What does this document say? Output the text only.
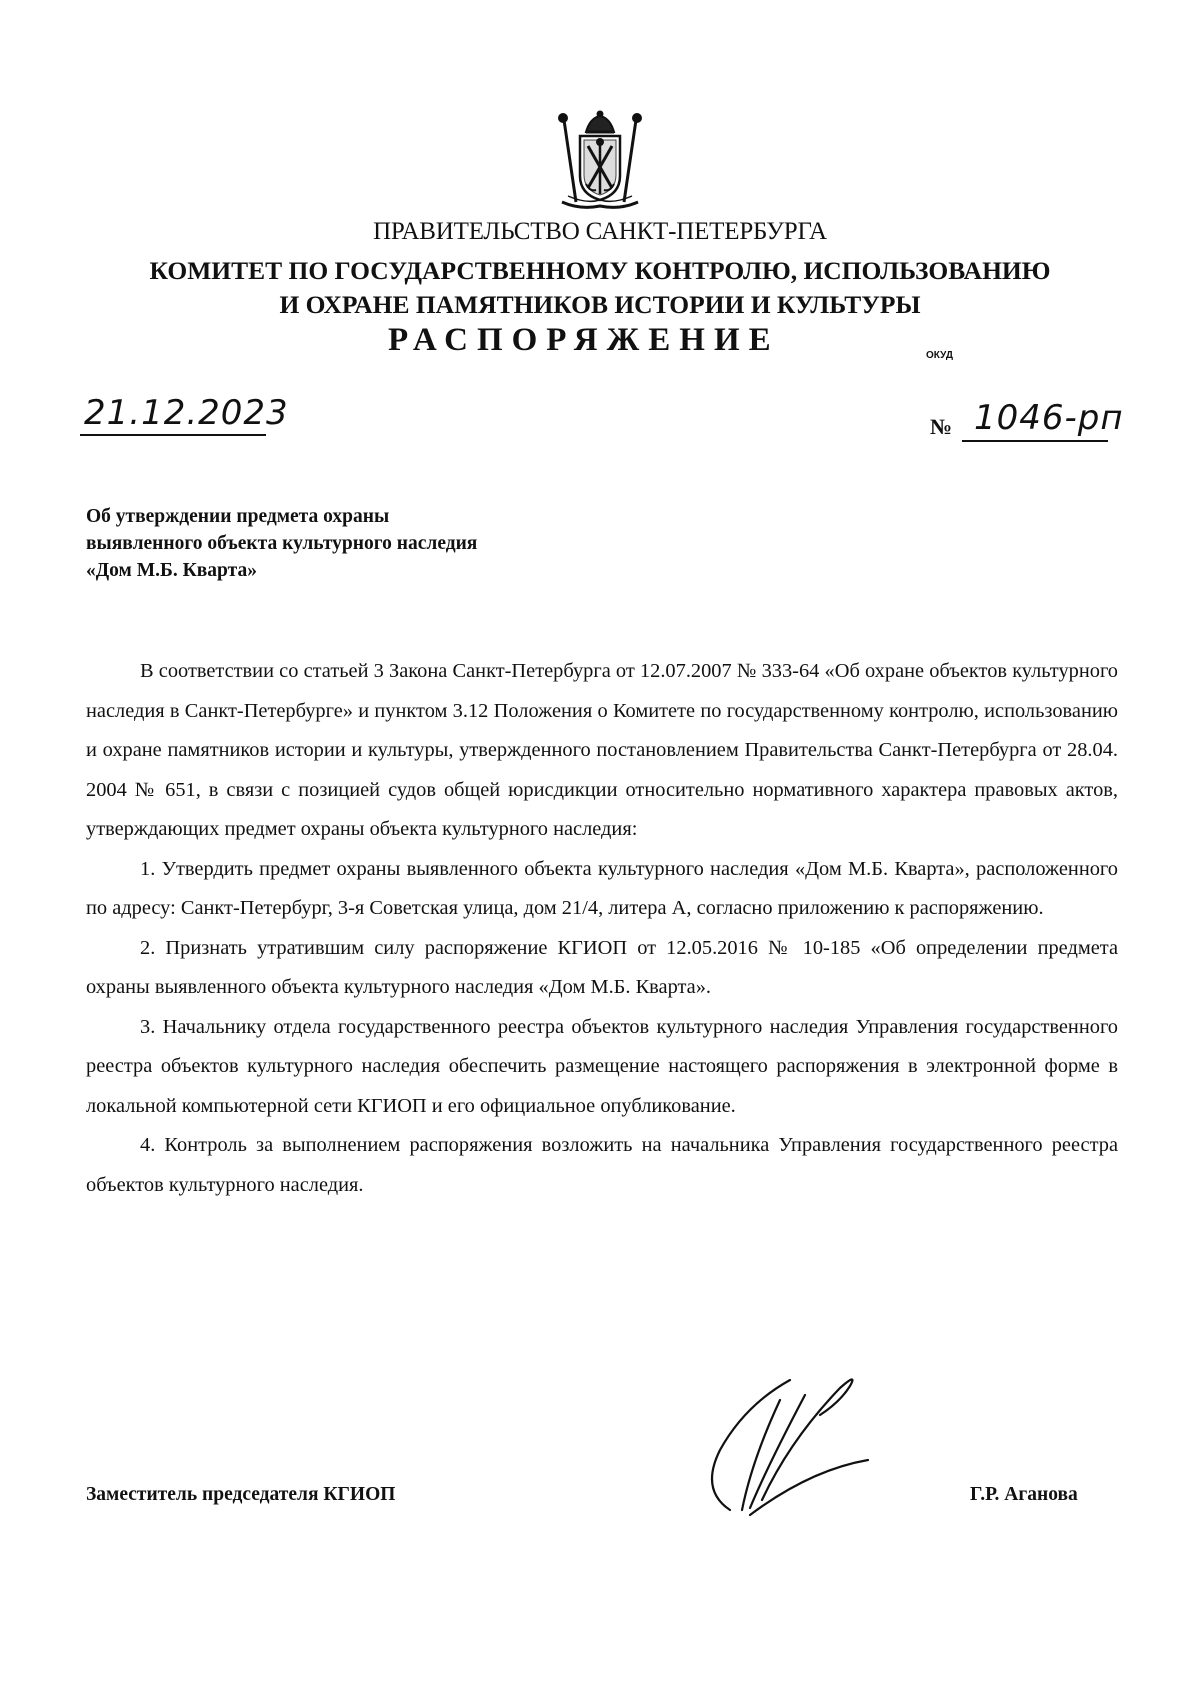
ПРАВИТЕЛЬСТВО САНКТ-ПЕТЕРБУРГА
КОМИТЕТ ПО ГОСУДАРСТВЕННОМУ КОНТРОЛЮ, ИСПОЛЬЗОВАНИЮ
И ОХРАНЕ ПАМЯТНИКОВ ИСТОРИИ И КУЛЬТУРЫ
РАСПОРЯЖЕНИЕ	ОКУД
21.12.2023	№ 1046-рп
Об утверждении предмета охраны
выявленного объекта культурного наследия
«Дом М.Б. Кварта»

В соответствии со статьей 3 Закона Санкт-Петербурга от 12.07.2007 № 333-64 «Об охране объектов культурного наследия в Санкт-Петербурге» и пунктом 3.12 Положения о Комитете по государственному контролю, использованию и охране памятников истории и культуры, утвержденного постановлением Правительства Санкт-Петербурга от 28.04. 2004 № 651, в связи с позицией судов общей юрисдикции относительно нормативного характера правовых актов, утверждающих предмет охраны объекта культурного наследия:

1. Утвердить предмет охраны выявленного объекта культурного наследия «Дом М.Б. Кварта», расположенного по адресу: Санкт-Петербург, 3-я Советская улица, дом 21/4, литера А, согласно приложению к распоряжению.

2. Признать утратившим силу распоряжение КГИОП от 12.05.2016 № 10-185 «Об определении предмета охраны выявленного объекта культурного наследия «Дом М.Б. Кварта».

3. Начальнику отдела государственного реестра объектов культурного наследия Управления государственного реестра объектов культурного наследия обеспечить размещение настоящего распоряжения в электронной форме в локальной компьютерной сети КГИОП и его официальное опубликование.

4. Контроль за выполнением распоряжения возложить на начальника Управления государственного реестра объектов культурного наследия.

Заместитель председателя КГИОП	Г.Р. Аганова
